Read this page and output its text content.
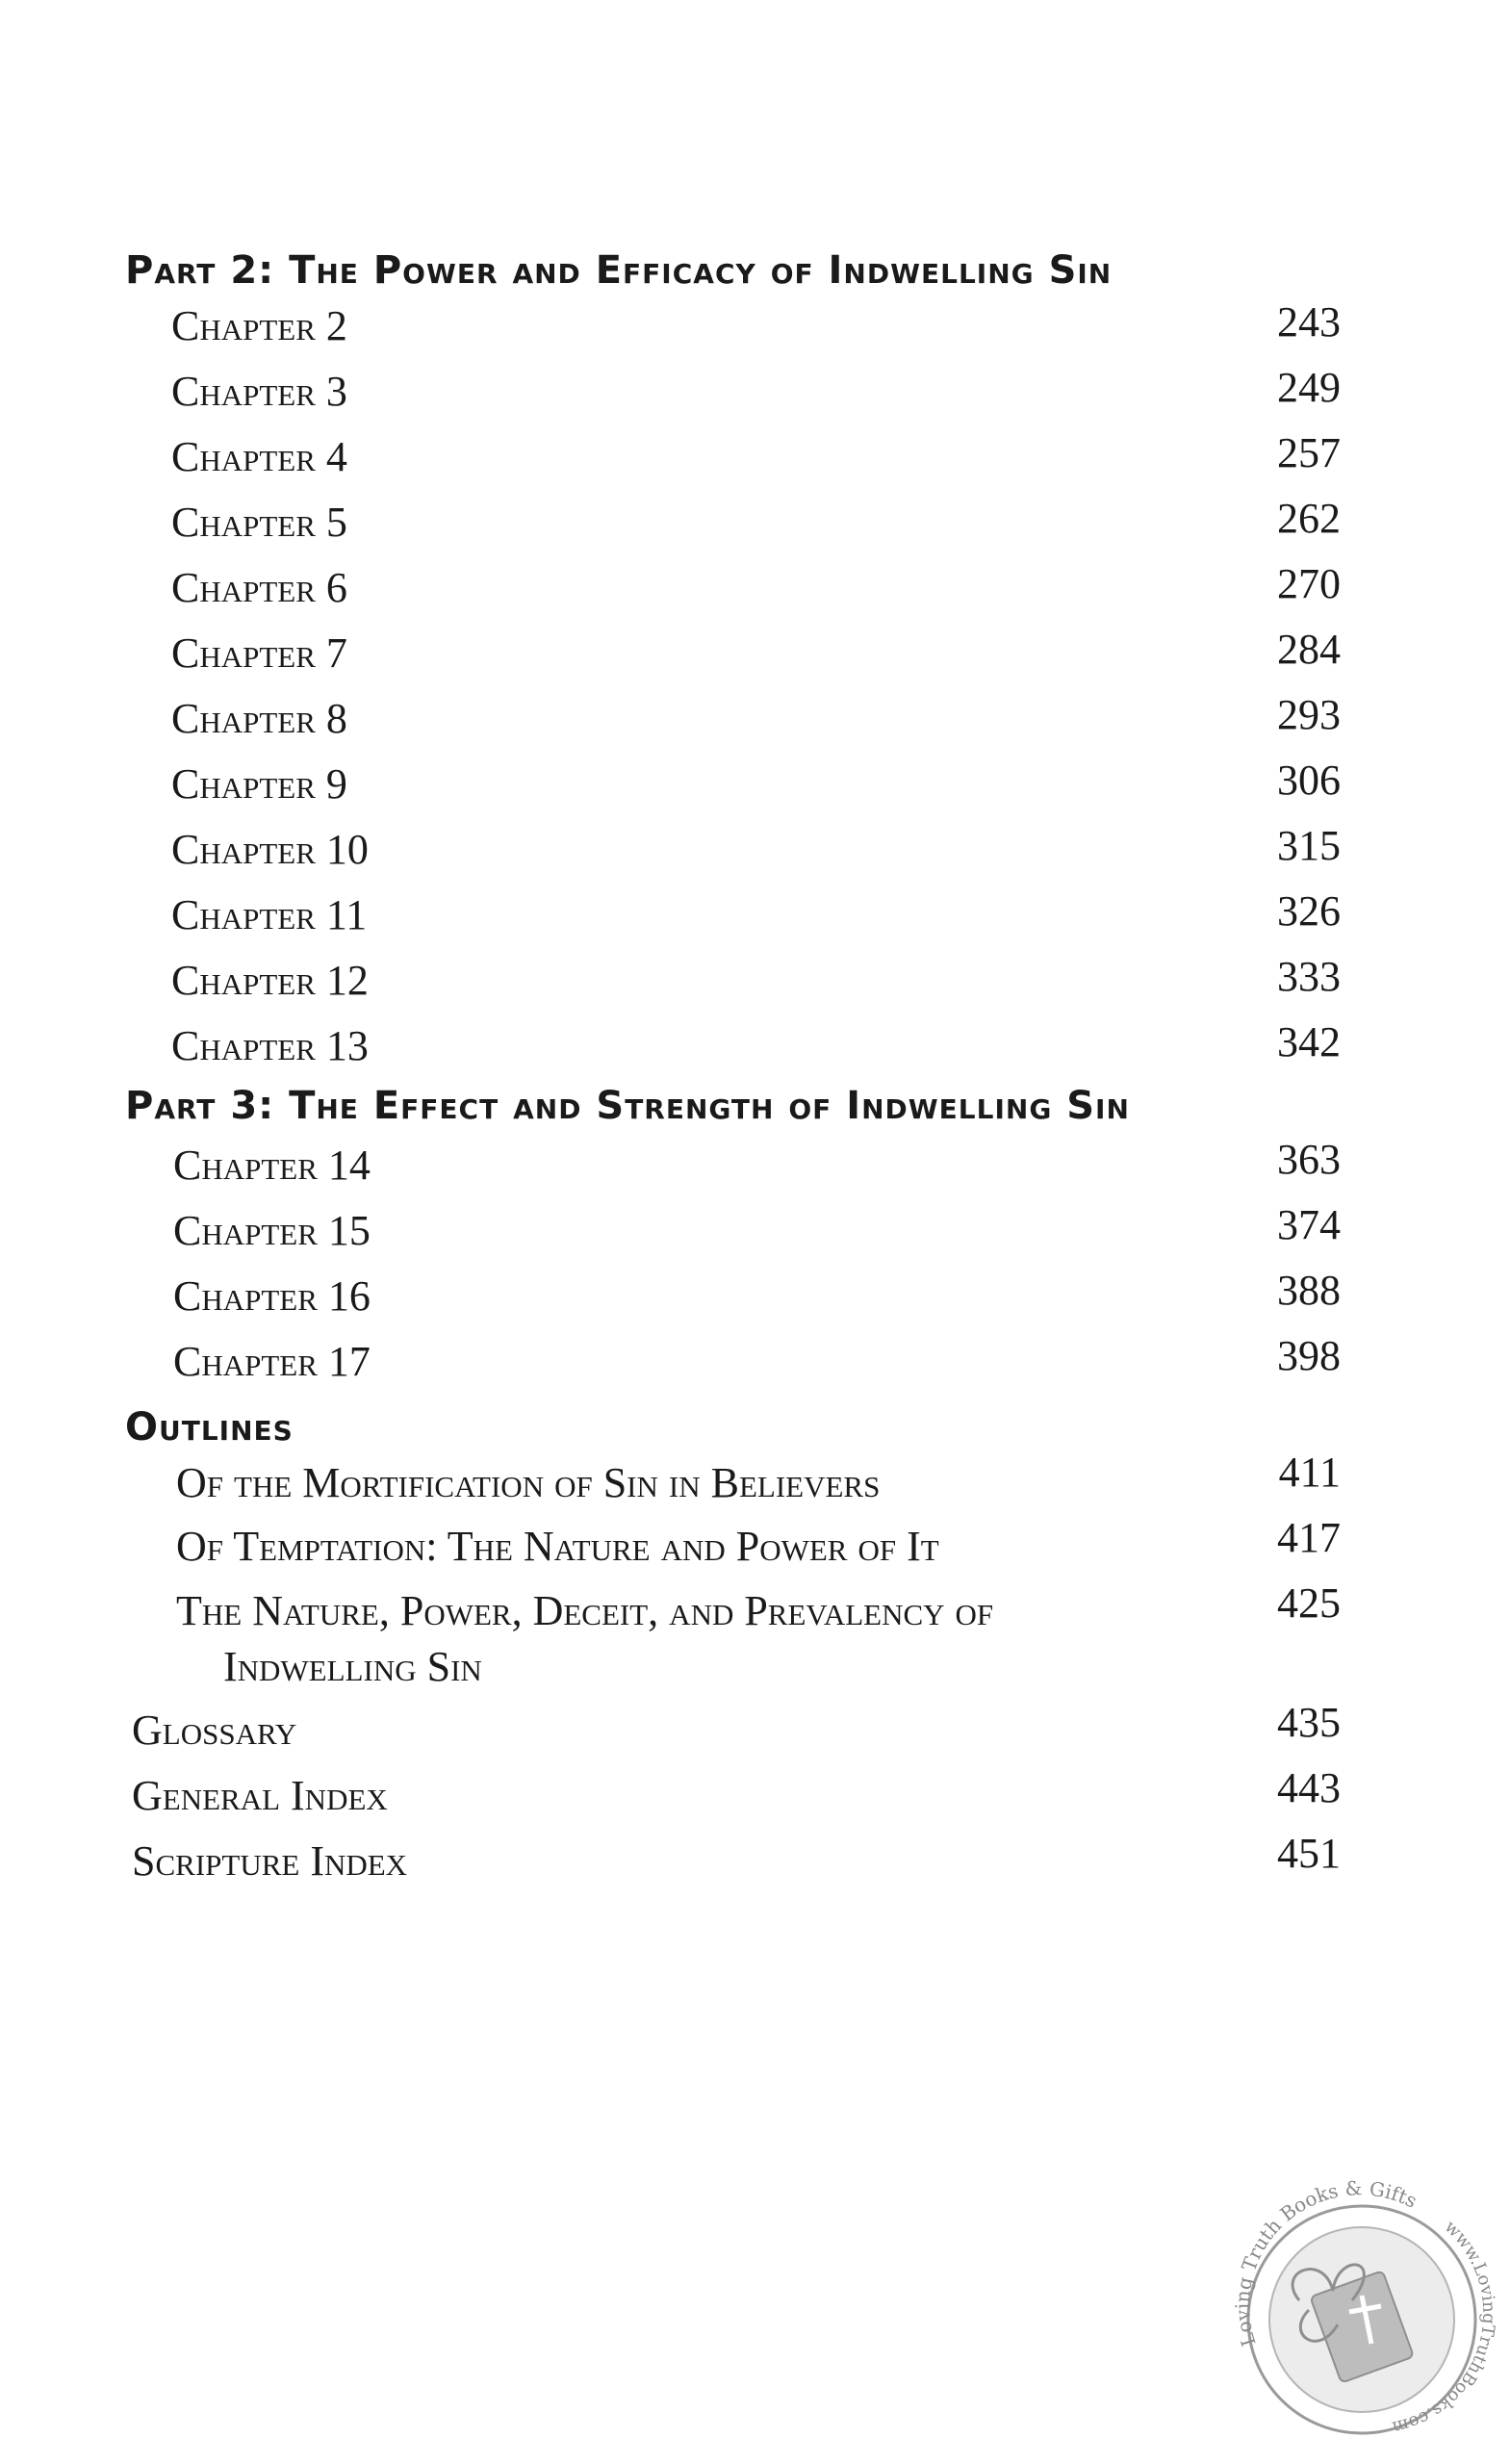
Part 2: The Power and Efficacy of Indwelling Sin
Chapter 2	243
Chapter 3	249
Chapter 4	257
Chapter 5	262
Chapter 6	270
Chapter 7	284
Chapter 8	293
Chapter 9	306
Chapter 10	315
Chapter 11	326
Chapter 12	333
Chapter 13	342
Part 3: The Effect and Strength of Indwelling Sin
Chapter 14	363
Chapter 15	374
Chapter 16	388
Chapter 17	398
Outlines
Of the Mortification of Sin in Believers	411
Of Temptation: The Nature and Power of It	417
The Nature, Power, Deceit, and Prevalency of
Indwelling Sin
425
Glossary	435
General Index	443
Scripture Index	451
Loving Truth Books & Gifts
www.LovingTruthBooks.com
